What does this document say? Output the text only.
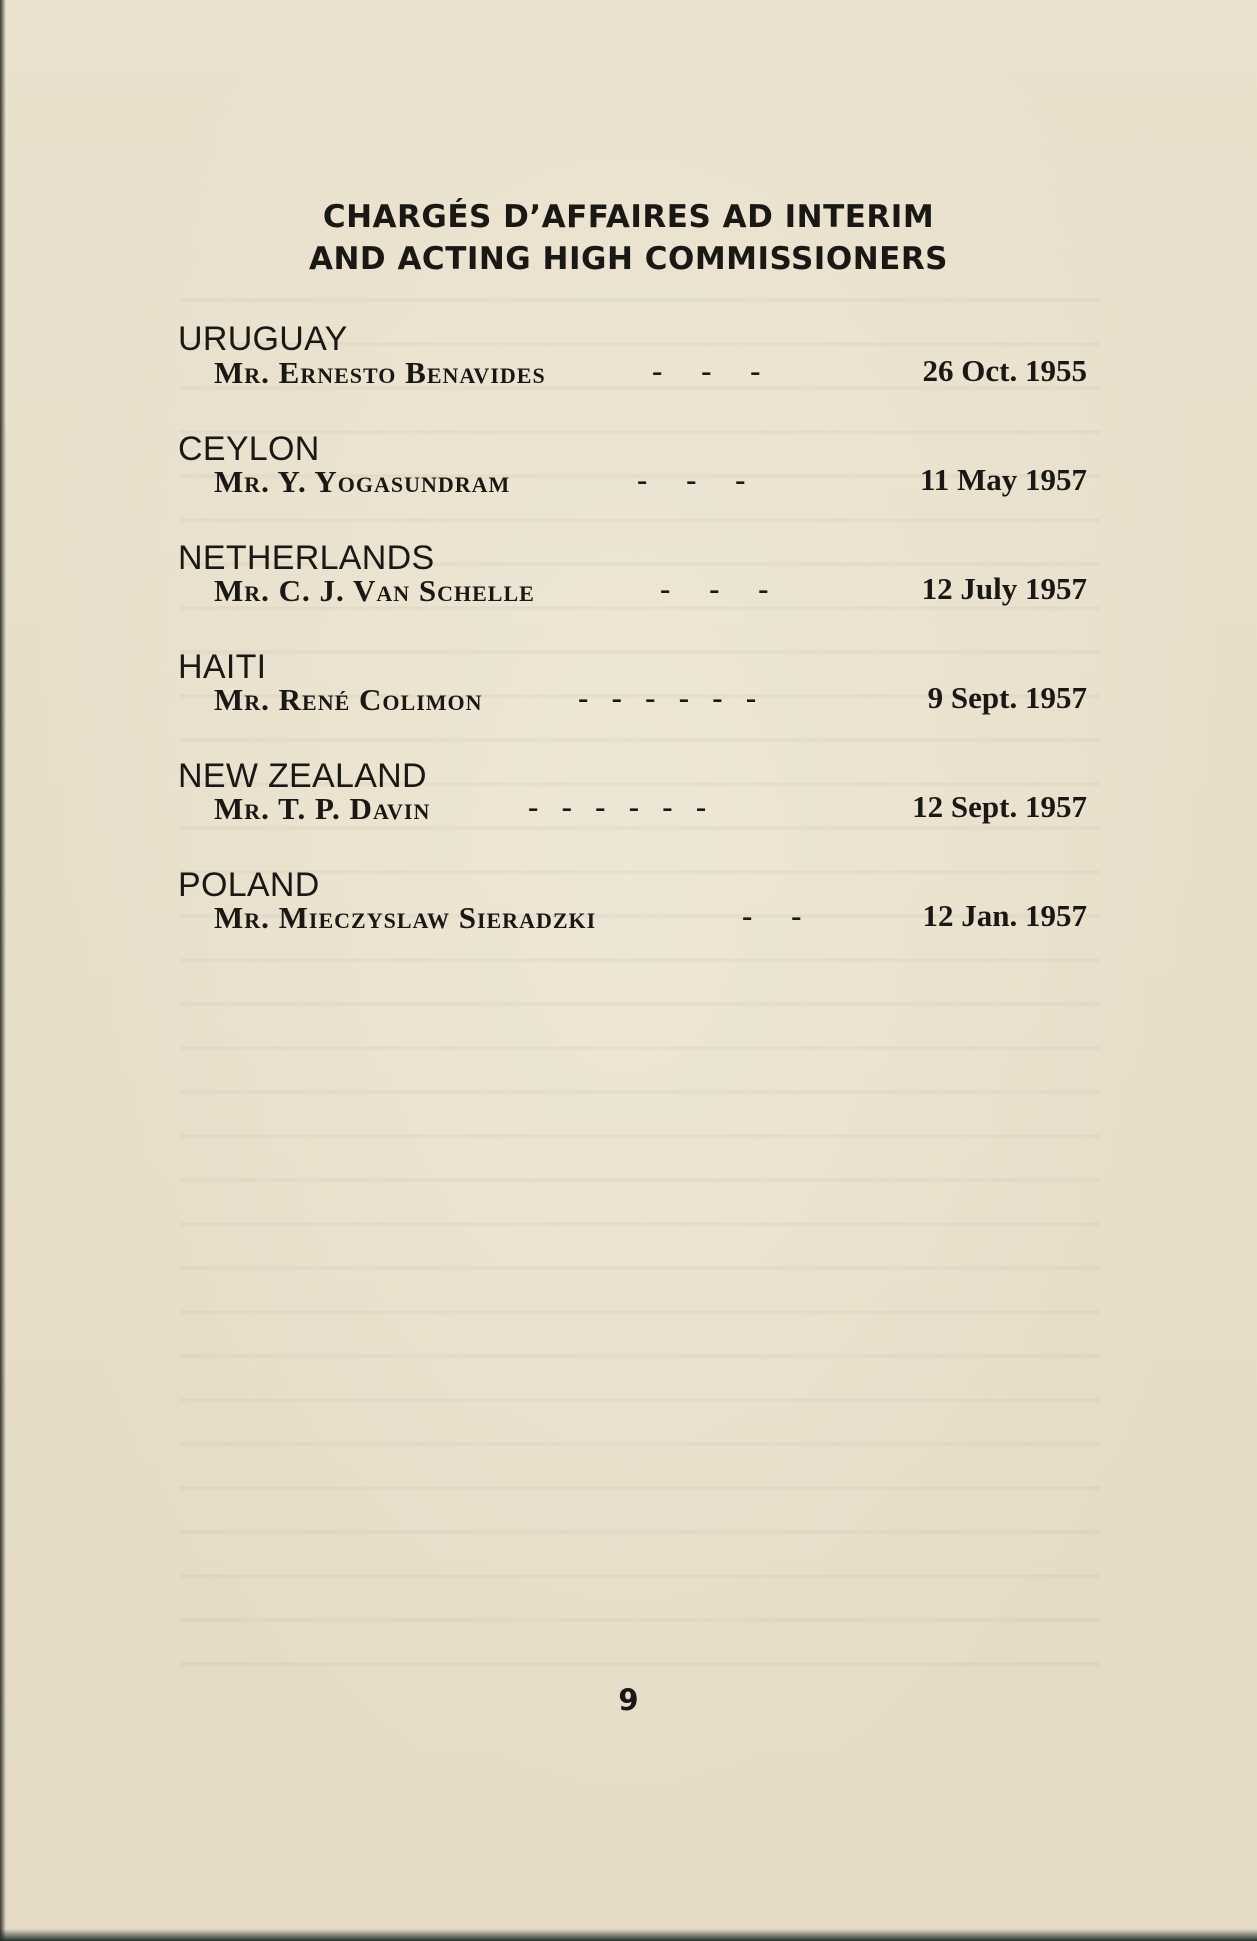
CHARGÉS D’AFFAIRES AD INTERIM
AND ACTING HIGH COMMISSIONERS
URUGUAY
Mr. Ernesto Benavides	-     -     -	26 Oct. 1955
CEYLON
Mr. Y. Yogasundram	-     -     -	11 May 1957
NETHERLANDS
Mr. C. J. Van Schelle	-     -     -	12 July 1957
HAITI
Mr. René Colimon	-   -   -   -   -   -	9 Sept. 1957
NEW ZEALAND
Mr. T. P. Davin	-   -   -   -   -   -	12 Sept. 1957
POLAND
Mr. Mieczyslaw Sieradzki	-     -	12 Jan. 1957
9
